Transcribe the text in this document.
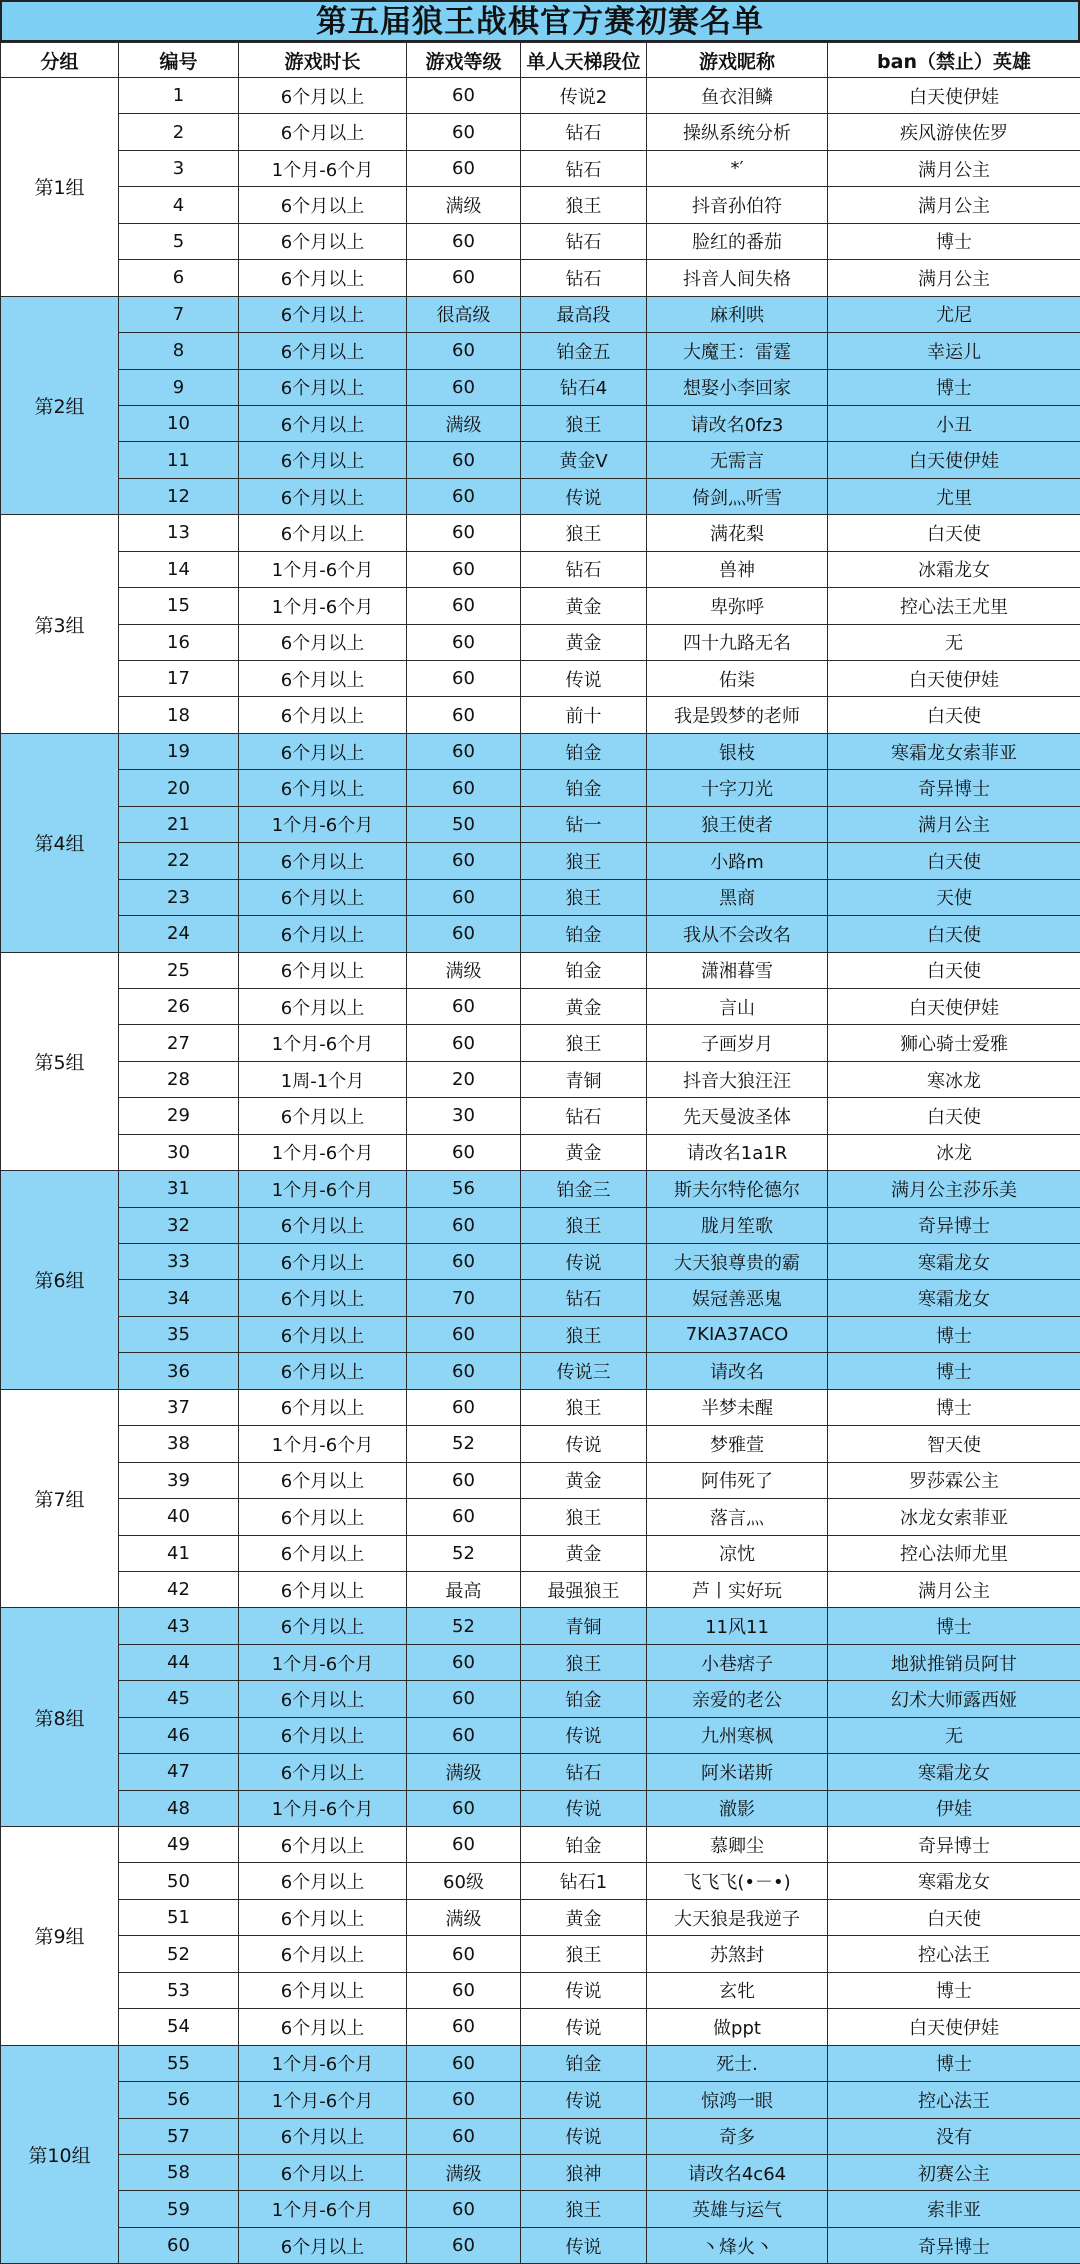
第五届狼王战棋官方赛初赛名单
分组	编号	游戏时长	游戏等级	单人天梯段位	游戏昵称	ban（禁止）英雄
第1组	1	6个月以上	60	传说2	鱼衣泪鳞	白天使伊娃
	2	6个月以上	60	钻石	操纵系统分析	疾风游侠佐罗
	3	1个月-6个月	60	钻石	*′	满月公主
	4	6个月以上	满级	狼王	抖音孙伯符	满月公主
	5	6个月以上	60	钻石	脸红的番茄	博士
	6	6个月以上	60	钻石	抖音人间失格	满月公主
第2组	7	6个月以上	很高级	最高段	麻利哄	尤尼
	8	6个月以上	60	铂金五	大魔王：雷霆	幸运儿
	9	6个月以上	60	钻石4	想娶小李回家	博士
	10	6个月以上	满级	狼王	请改名0fz3	小丑
	11	6个月以上	60	黄金V	无需言	白天使伊娃
	12	6个月以上	60	传说	倚剑灬听雪	尤里
第3组	13	6个月以上	60	狼王	满花梨	白天使
	14	1个月-6个月	60	钻石	兽神	冰霜龙女
	15	1个月-6个月	60	黄金	卑弥呼	控心法王尤里
	16	6个月以上	60	黄金	四十九路无名	无
	17	6个月以上	60	传说	佑柒	白天使伊娃
	18	6个月以上	60	前十	我是毁梦的老师	白天使
第4组	19	6个月以上	60	铂金	银枝	寒霜龙女索菲亚
	20	6个月以上	60	铂金	十字刀光	奇异博士
	21	1个月-6个月	50	钻一	狼王使者	满月公主
	22	6个月以上	60	狼王	小路m	白天使
	23	6个月以上	60	狼王	黑商	天使
	24	6个月以上	60	铂金	我从不会改名	白天使
第5组	25	6个月以上	满级	铂金	潇湘暮雪	白天使
	26	6个月以上	60	黄金	言山	白天使伊娃
	27	1个月-6个月	60	狼王	子画岁月	狮心骑士爱雅
	28	1周-1个月	20	青铜	抖音大狼汪汪	寒冰龙
	29	6个月以上	30	钻石	先天曼波圣体	白天使
	30	1个月-6个月	60	黄金	请改名1a1R	冰龙
第6组	31	1个月-6个月	56	铂金三	斯夫尔特伦德尔	满月公主莎乐美
	32	6个月以上	60	狼王	胧月笙歌	奇异博士
	33	6个月以上	60	传说	大天狼尊贵的霸	寒霜龙女
	34	6个月以上	70	钻石	娱冠善恶鬼	寒霜龙女
	35	6个月以上	60	狼王	7KIA37ACO	博士
	36	6个月以上	60	传说三	请改名	博士
第7组	37	6个月以上	60	狼王	半梦未醒	博士
	38	1个月-6个月	52	传说	梦雅萱	智天使
	39	6个月以上	60	黄金	阿伟死了	罗莎霖公主
	40	6个月以上	60	狼王	落言灬	冰龙女索菲亚
	41	6个月以上	52	黄金	凉忱	控心法师尤里
	42	6个月以上	最高	最强狼王	芦丨实好玩	满月公主
第8组	43	6个月以上	52	青铜	11风11	博士
	44	1个月-6个月	60	狼王	小巷痞子	地狱推销员阿甘
	45	6个月以上	60	铂金	亲爱的老公	幻术大师露西娅
	46	6个月以上	60	传说	九州寒枫	无
	47	6个月以上	满级	钻石	阿米诺斯	寒霜龙女
	48	1个月-6个月	60	传说	澈影	伊娃
第9组	49	6个月以上	60	铂金	慕卿尘	奇异博士
	50	6个月以上	60级	钻石1	飞飞飞(•－•)	寒霜龙女
	51	6个月以上	满级	黄金	大天狼是我逆子	白天使
	52	6个月以上	60	狼王	苏煞封	控心法王
	53	6个月以上	60	传说	玄牝	博士
	54	6个月以上	60	传说	做ppt	白天使伊娃
第10组	55	1个月-6个月	60	铂金	死士.	博士
	56	1个月-6个月	60	传说	惊鸿一眼	控心法王
	57	6个月以上	60	传说	奇多	没有
	58	6个月以上	满级	狼神	请改名4c64	初赛公主
	59	1个月-6个月	60	狼王	英雄与运气	索非亚
	60	6个月以上	60	传说	丶烽火丶	奇异博士
